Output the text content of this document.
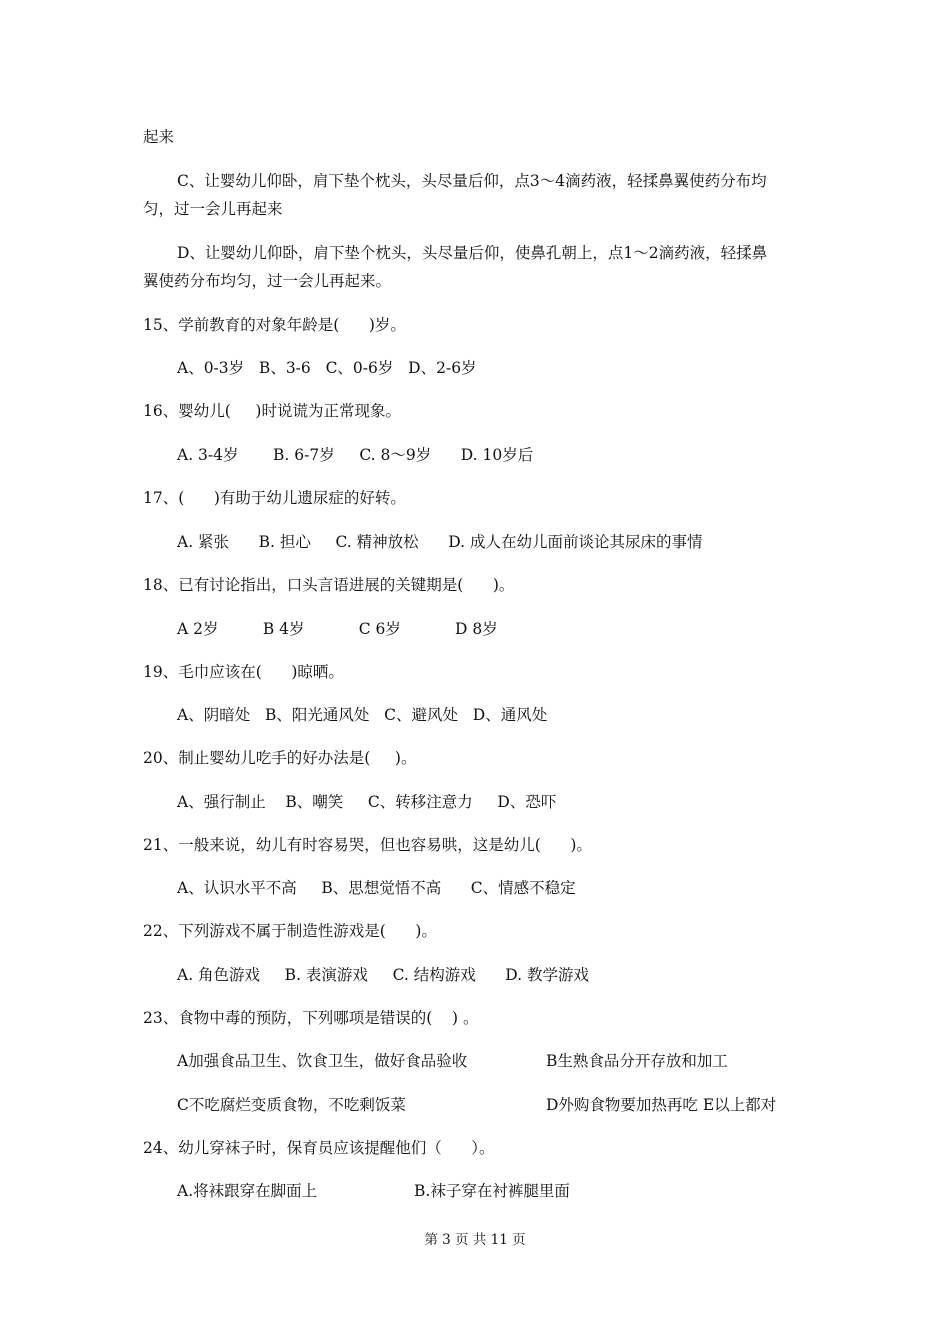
起来
C、让婴幼儿仰卧，肩下垫个枕头，头尽量后仰，点3～4滴药液，轻揉鼻翼使药分布均
匀，过一会儿再起来
D、让婴幼儿仰卧，肩下垫个枕头，头尽量后仰，使鼻孔朝上，点1～2滴药液，轻揉鼻
翼使药分布均匀，过一会儿再起来。
15、学前教育的对象年龄是(      )岁。
A、0-3岁   B、3-6   C、0-6岁   D、2-6岁
16、婴幼儿(     )时说谎为正常现象。
A. 3-4岁       B. 6-7岁     C. 8～9岁      D. 10岁后
17、(      )有助于幼儿遗尿症的好转。
A. 紧张      B. 担心     C. 精神放松      D. 成人在幼儿面前谈论其尿床的事情
18、已有讨论指出，口头言语进展的关键期是(      )。
A 2岁         B 4岁           C 6岁           D 8岁
19、毛巾应该在(      )晾晒。
A、阴暗处   B、阳光通风处   C、避风处   D、通风处
20、制止婴幼儿吃手的好办法是(     )。
A、强行制止    B、嘲笑     C、转移注意力     D、恐吓
21、一般来说，幼儿有时容易哭，但也容易哄，这是幼儿(      )。
A、认识水平不高     B、思想觉悟不高      C、情感不稳定
22、下列游戏不属于制造性游戏是(      )。
A. 角色游戏     B. 表演游戏     C. 结构游戏      D. 教学游戏
23、食物中毒的预防，下列哪项是错误的(    ) 。
A加强食品卫生、饮食卫生，做好食品验收	B生熟食品分开存放和加工
C不吃腐烂变质食物，不吃剩饭菜	D外购食物要加热再吃 E以上都对
24、幼儿穿袜子时，保育员应该提醒他们（      ）。
A.将袜跟穿在脚面上	B.袜子穿在衬裤腿里面
第 3 页 共 11 页
